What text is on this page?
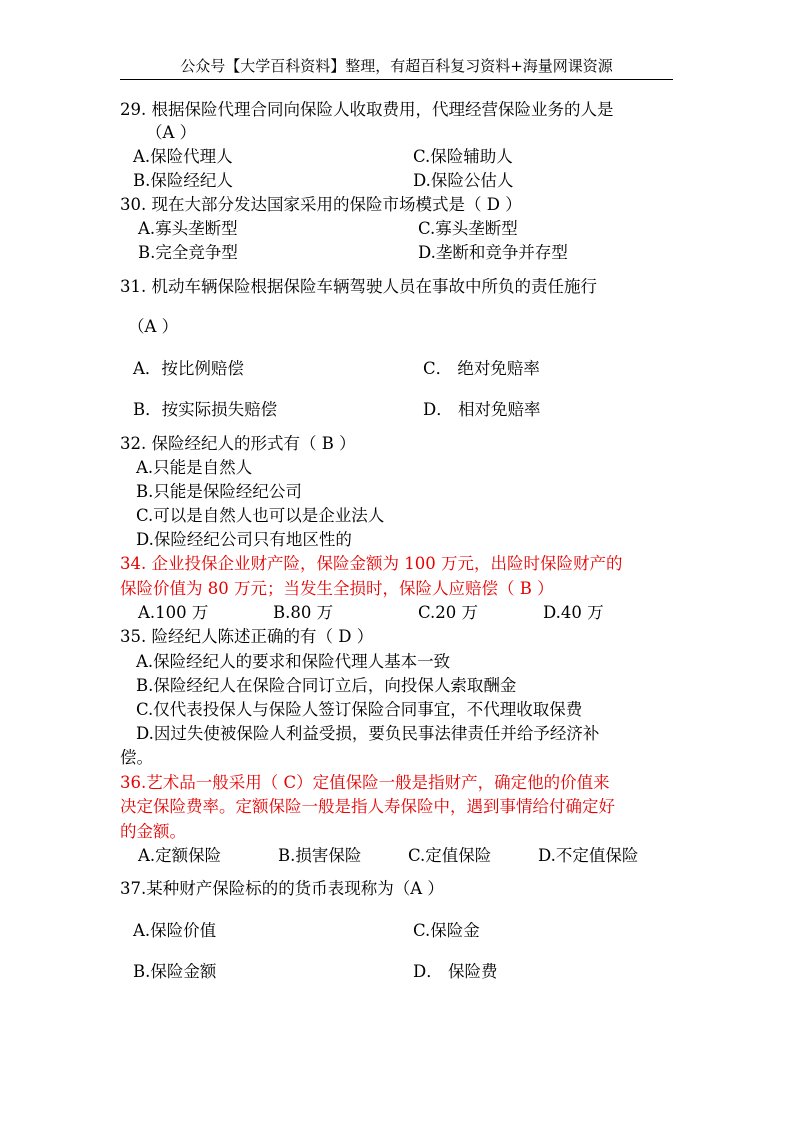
公众号【大学百科资料】整理，有超百科复习资料+海量网课资源
29. 根据保险代理合同向保险人收取费用，代理经营保险业务的人是
（A ）
A.保险代理人	C.保险辅助人
B.保险经纪人	D.保险公估人
30. 现在大部分发达国家采用的保险市场模式是（ D ）
A.寡头垄断型	C.寡头垄断型
B.完全竞争型	D.垄断和竞争并存型
31. 机动车辆保险根据保险车辆驾驶人员在事故中所负的责任施行
（A ）
A．按比例赔偿	C． 绝对免赔率
B．按实际损失赔偿	D． 相对免赔率
32. 保险经纪人的形式有（ B ）
A.只能是自然人
B.只能是保险经纪公司
C.可以是自然人也可以是企业法人
D.保险经纪公司只有地区性的
34. 企业投保企业财产险，保险金额为 100 万元，出险时保险财产的
保险价值为 80 万元；当发生全损时，保险人应赔偿（ B ）
A.100 万	B.80 万	C.20 万	D.40 万
35. 险经纪人陈述正确的有（ D ）
A.保险经纪人的要求和保险代理人基本一致
B.保险经纪人在保险合同订立后，向投保人索取酬金
C.仅代表投保人与保险人签订保险合同事宜，不代理收取保费
D.因过失使被保险人利益受损，要负民事法律责任并给予经济补
偿。
36.艺术品一般采用（ C）定值保险一般是指财产，确定他的价值来
决定保险费率。定额保险一般是指人寿保险中，遇到事情给付确定好
的金额。
A.定额保险	B.损害保险	C.定值保险	D.不定值保险
37.某种财产保险标的的货币表现称为（A ）
A.保险价值	C.保险金
B.保险金额	D． 保险费
